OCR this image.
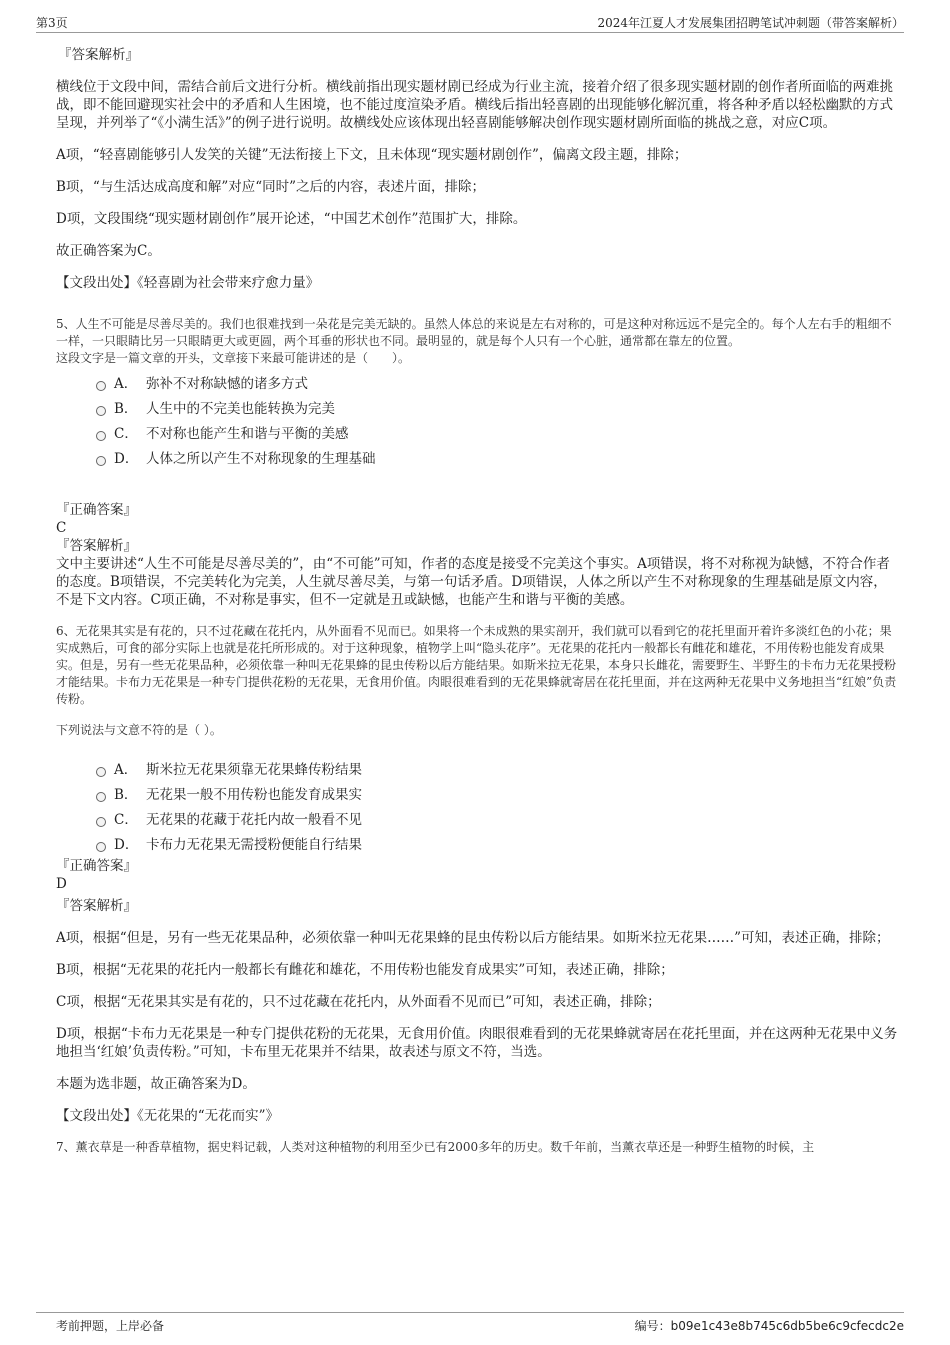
第3页	2024年江夏人才发展集团招聘笔试冲刺题（带答案解析）

『答案解析』

横线位于文段中间，需结合前后文进行分析。横线前指出现实题材剧已经成为行业主流，接着介绍了很多现实题材剧的创作者所面临的两难挑战，即不能回避现实社会中的矛盾和人生困境，也不能过度渲染矛盾。横线后指出轻喜剧的出现能够化解沉重，将各种矛盾以轻松幽默的方式呈现，并列举了“《小满生活》”的例子进行说明。故横线处应该体现出轻喜剧能够解决创作现实题材剧所面临的挑战之意，对应C项。

A项，“轻喜剧能够引人发笑的关键”无法衔接上下文，且未体现“现实题材剧创作”，偏离文段主题，排除；

B项，“与生活达成高度和解”对应“同时”之后的内容，表述片面，排除；

D项，文段围绕“现实题材剧创作”展开论述，“中国艺术创作”范围扩大，排除。

故正确答案为C。

【文段出处】《轻喜剧为社会带来疗愈力量》

5、人生不可能是尽善尽美的。我们也很难找到一朵花是完美无缺的。虽然人体总的来说是左右对称的，可是这种对称远远不是完全的。每个人左右手的粗细不一样，一只眼睛比另一只眼睛更大或更圆，两个耳垂的形状也不同。最明显的，就是每个人只有一个心脏，通常都在靠左的位置。

这段文字是一篇文章的开头，文章接下来最可能讲述的是（　　）。

A． 弥补不对称缺憾的诸多方式
B． 人生中的不完美也能转换为完美
C． 不对称也能产生和谐与平衡的美感
D． 人体之所以产生不对称现象的生理基础

『正确答案』

C

『答案解析』

文中主要讲述“人生不可能是尽善尽美的”，由“不可能”可知，作者的态度是接受不完美这个事实。A项错误，将不对称视为缺憾，不符合作者的态度。B项错误，不完美转化为完美，人生就尽善尽美，与第一句话矛盾。D项错误，人体之所以产生不对称现象的生理基础是原文内容，不是下文内容。C项正确，不对称是事实，但不一定就是丑或缺憾，也能产生和谐与平衡的美感。

6、无花果其实是有花的，只不过花藏在花托内，从外面看不见而已。如果将一个未成熟的果实剖开，我们就可以看到它的花托里面开着许多淡红色的小花；果实成熟后，可食的部分实际上也就是花托所形成的。对于这种现象，植物学上叫“隐头花序”。无花果的花托内一般都长有雌花和雄花，不用传粉也能发育成果实。但是，另有一些无花果品种，必须依靠一种叫无花果蜂的昆虫传粉以后方能结果。如斯米拉无花果，本身只长雌花，需要野生、半野生的卡布力无花果授粉才能结果。卡布力无花果是一种专门提供花粉的无花果，无食用价值。肉眼很难看到的无花果蜂就寄居在花托里面，并在这两种无花果中义务地担当“红娘”负责传粉。

下列说法与文意不符的是（ ）。

A． 斯米拉无花果须靠无花果蜂传粉结果
B． 无花果一般不用传粉也能发育成果实
C． 无花果的花藏于花托内故一般看不见
D． 卡布力无花果无需授粉便能自行结果

『正确答案』

D

『答案解析』

A项，根据“但是，另有一些无花果品种，必须依靠一种叫无花果蜂的昆虫传粉以后方能结果。如斯米拉无花果……”可知，表述正确，排除；

B项，根据“无花果的花托内一般都长有雌花和雄花，不用传粉也能发育成果实”可知，表述正确，排除；

C项，根据“无花果其实是有花的，只不过花藏在花托内，从外面看不见而已”可知，表述正确，排除；

D项，根据“卡布力无花果是一种专门提供花粉的无花果，无食用价值。肉眼很难看到的无花果蜂就寄居在花托里面，并在这两种无花果中义务地担当‘红娘’负责传粉。”可知，卡布里无花果并不结果，故表述与原文不符，当选。

本题为选非题，故正确答案为D。

【文段出处】《无花果的“无花而实”》

7、薰衣草是一种香草植物，据史料记载，人类对这种植物的利用至少已有2000多年的历史。数千年前，当薰衣草还是一种野生植物的时候，主

考前押题，上岸必备	编号：b09e1c43e8b745c6db5be6c9cfecdc2e
